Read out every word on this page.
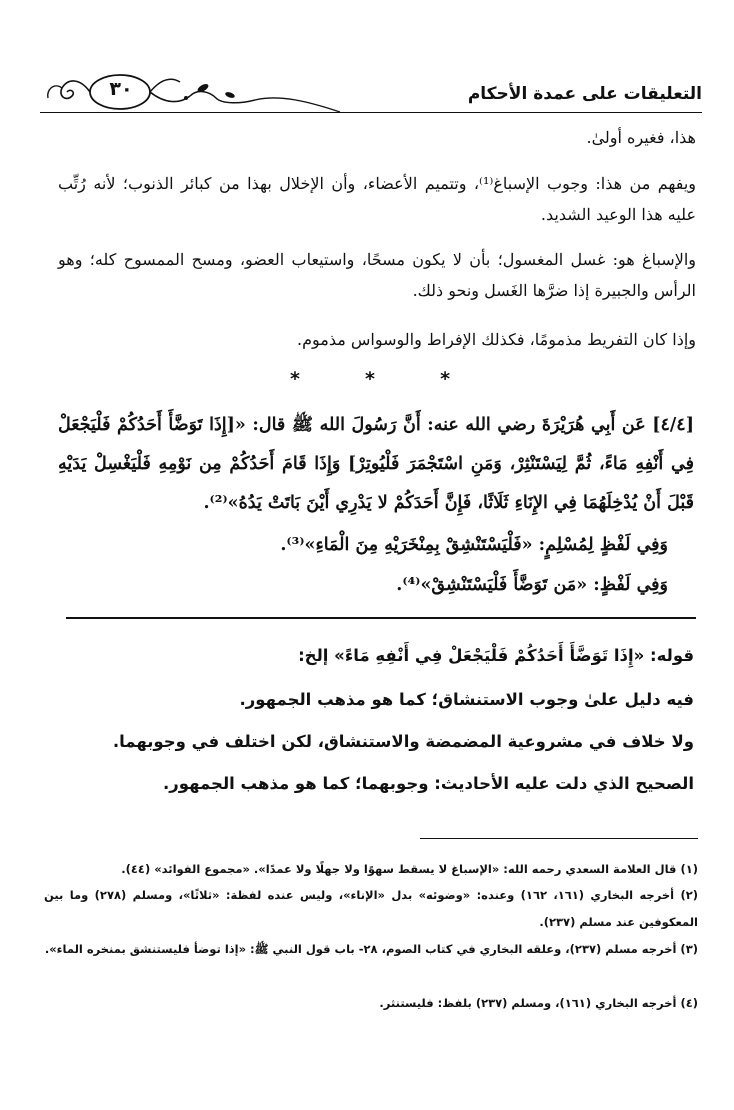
التعليقات على عمدة الأحكام
٣٠
هذا، فغيره أولىٰ.
ويفهم من هذا: وجوب الإسباغ⁽¹⁾، وتتميم الأعضاء، وأن الإخلال بهذا من كبائر الذنوب؛ لأنه رُتِّب عليه هذا الوعيد الشديد.
والإسباغ هو: غسل المغسول؛ بأن لا يكون مسحًا، واستيعاب العضو، ومسح الممسوح كله؛ وهو الرأس والجبيرة إذا ضرَّها الغَسل ونحو ذلك.
وإذا كان التفريط مذمومًا، فكذلك الإفراط والوسواس مذموم.
*	*	*
[٤/٤] عَن أَبِي هُرَيْرَةَ رضي الله عنه: أَنَّ رَسُولَ الله ﷺ قال: «[إِذَا تَوَضَّأَ أَحَدُكُمْ فَلْيَجْعَلْ فِي أَنْفِهِ مَاءً، ثُمَّ لِيَسْتَنْثِرْ، وَمَنِ اسْتَجْمَرَ فَلْيُوتِرْ] وَإِذَا قَامَ أَحَدُكُمْ مِن نَوْمِهِ فَلْيَغْسِلْ يَدَيْهِ قَبْلَ أَنْ يُدْخِلَهُمَا فِي الإِنَاءِ ثَلَاثًا، فَإِنَّ أَحَدَكُمْ لا يَدْرِي أَيْنَ بَاتَتْ يَدُهُ»⁽²⁾.
وَفِي لَفْظٍ لِمُسْلِمٍ: «فَلْيَسْتَنْشِقْ بِمِنْخَرَيْهِ مِنَ الْمَاءِ»⁽³⁾.
وَفِي لَفْظٍ: «مَن تَوَضَّأَ فَلْيَسْتَنْشِقْ»⁽⁴⁾.
قوله: «إِذَا تَوَضَّأَ أَحَدُكُمْ فَلْيَجْعَلْ فِي أَنْفِهِ مَاءً» إلخ:
فيه دليل علىٰ وجوب الاستنشاق؛ كما هو مذهب الجمهور.
ولا خلاف في مشروعية المضمضة والاستنشاق، لكن اختلف في وجوبهما.
الصحيح الذي دلت عليه الأحاديث: وجوبهما؛ كما هو مذهب الجمهور.
(١) قال العلامة السعدي رحمه الله: «الإسباغ لا يسقط سهوًا ولا جهلًا ولا عمدًا». «مجموع الفوائد» (٤٤).
(٢) أخرجه البخاري (١٦١، ١٦٢) وعنده: «وضوئه» بدل «الإناء»، وليس عنده لفظة: «ثلاثًا»، ومسلم (٢٧٨) وما بين المعكوفين عند مسلم (٢٣٧).
(٣) أخرجه مسلم (٢٣٧)، وعلقه البخاري في كتاب الصوم، ٢٨- باب قول النبي ﷺ: «إذا توضأ فليستنشق بمنخره الماء».
(٤) أخرجه البخاري (١٦١)، ومسلم (٢٣٧) بلفظ: فليستنثر.
